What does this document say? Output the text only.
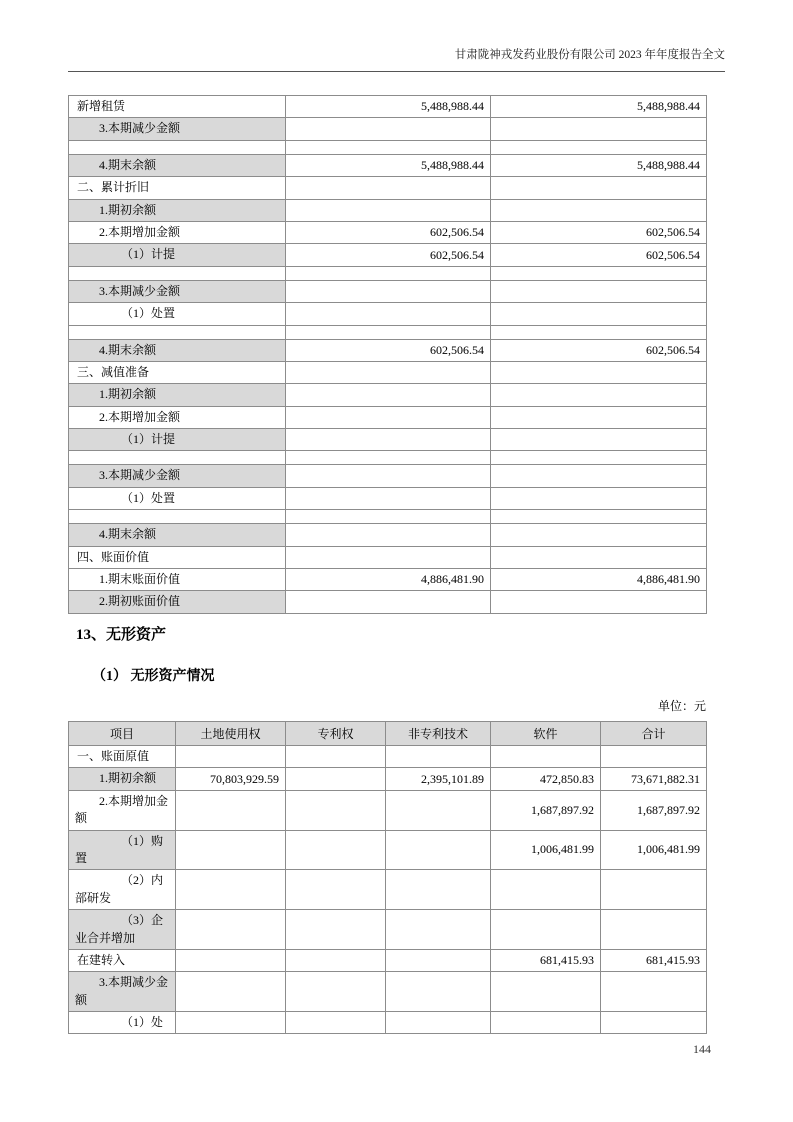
甘肃陇神戎发药业股份有限公司 2023 年年度报告全文
新增租赁	5,488,988.44	5,488,988.44
3.本期减少金额		

4.期末余额	5,488,988.44	5,488,988.44
二、累计折旧		
1.期初余额		
2.本期增加金额	602,506.54	602,506.54
（1）计提	602,506.54	602,506.54

3.本期减少金额		
（1）处置		

4.期末余额	602,506.54	602,506.54
三、减值准备		
1.期初余额		
2.本期增加金额		
（1）计提		

3.本期减少金额		
（1）处置		

4.期末余额		
四、账面价值		
1.期末账面价值	4,886,481.90	4,886,481.90
2.期初账面价值		
13、无形资产
（1） 无形资产情况
单位：元
项目	土地使用权	专利权	非专利技术	软件	合计
一、账面原值					
1.期初余额	70,803,929.59		2,395,101.89	472,850.83	73,671,882.31
2.本期增加金额				1,687,897.92	1,687,897.92
（1）购置				1,006,481.99	1,006,481.99
（2）内部研发					
（3）企业合并增加					
在建转入				681,415.93	681,415.93
3.本期减少金额					
（1）处					
144
